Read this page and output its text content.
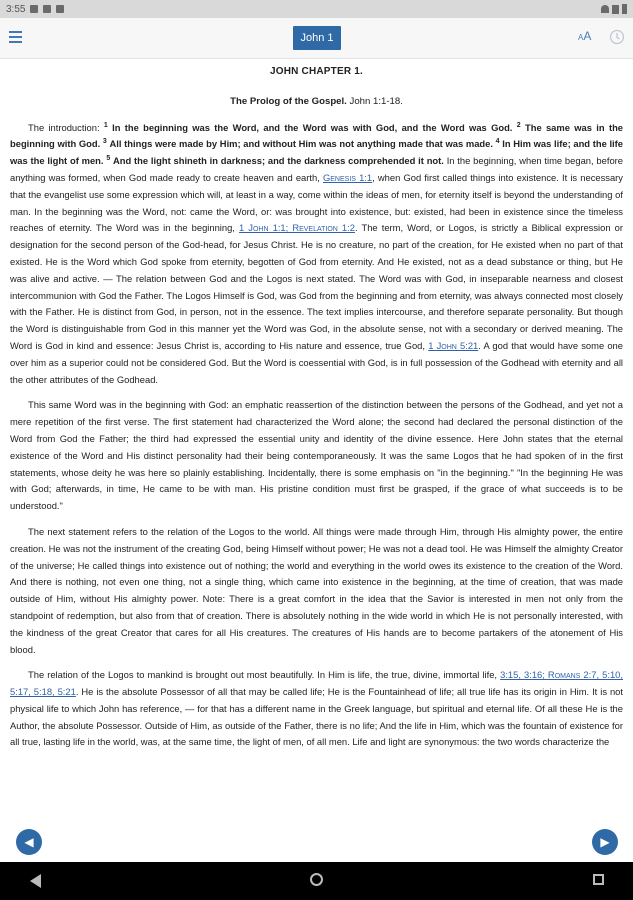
3:55
John 1	AA
JOHN CHAPTER 1.
The Prolog of the Gospel. John 1:1-18.

The introduction: $^1$ In the beginning was the Word, and the Word was with God, and the Word was God. $^2$ The same was in the beginning with God. $^3$ All things were made by Him; and without Him was not anything made that was made. $^4$ In Him was life; and the life was the light of men. $^5$ And the light shineth in darkness; and the darkness comprehended it not. In the beginning, when time began, before anything was formed, when God made ready to create heaven and earth, Genesis 1:1, when God first called things into existence. It is necessary that the evangelist use some expression which will, at least in a way, come within the ideas of men, for eternity itself is beyond the understanding of man. In the beginning was the Word, not: came the Word, or: was brought into existence, but: existed, had been in existence since the timeless reaches of eternity. The Word was in the beginning, 1 John 1:1; Revelation 1:2. The term, Word, or Logos, is strictly a Biblical expression or designation for the second person of the God-head, for Jesus Christ. He is no creature, no part of the creation, for He existed when no part of that existed. He is the Word which God spoke from eternity, begotten of God from eternity. And He existed, not as a dead substance or thing, but He was alive and active. — The relation between God and the Logos is next stated. The Word was with God, in inseparable nearness and closest intercommunion with God the Father. The Logos Himself is God, was God from the beginning and from eternity, was always connected most closely with the Father. He is distinct from God, in person, not in the essence. The text implies intercourse, and therefore separate personality. But though the Word is distinguishable from God in this manner yet the Word was God, in the absolute sense, not with a secondary or derived meaning. The Word is God in kind and essence: Jesus Christ is, according to His nature and essence, true God, 1 John 5:21. A god that would have some one over him as a superior could not be considered God. But the Word is coessential with God, is in full possession of the Godhead with eternity and all the other attributes of the Godhead.

This same Word was in the beginning with God: an emphatic reassertion of the distinction between the persons of the Godhead, and yet not a mere repetition of the first verse. The first statement had characterized the Word alone; the second had declared the personal distinction of the Word from God the Father; the third had expressed the essential unity and identity of the divine essence. Here John states that the eternal existence of the Word and His distinct personality had their being contemporaneously. It was the same Logos that he had spoken of in the first statements, whose deity he was here so plainly establishing. Incidentally, there is some emphasis on "in the beginning." "In the beginning He was with God; afterwards, in time, He came to be with man. His pristine condition must first be grasped, if the grace of what succeeds is to be understood."

The next statement refers to the relation of the Logos to the world. All things were made through Him, through His almighty power, the entire creation. He was not the instrument of the creating God, being Himself without power; He was not a dead tool. He was Himself the almighty Creator of the universe; He called things into existence out of nothing; the world and everything in the world owes its existence to the creation of the Word. And there is nothing, not even one thing, not a single thing, which came into existence in the beginning, at the time of creation, that was made outside of Him, without His almighty power. Note: There is a great comfort in the idea that the Savior is interested in men not only from the standpoint of redemption, but also from that of creation. There is absolutely nothing in the wide world in which He is not personally interested, with the kindness of the great Creator that cares for all His creatures. The creatures of His hands are to become partakers of the atonement of His blood.

The relation of the Logos to mankind is brought out most beautifully. In Him is life, the true, divine, immortal life, 3:15, 3:16; Romans 2:7, 5:10, 5:17, 5:18, 5:21. He is the absolute Possessor of all that may be called life; He is the Fountainhead of life; all true life has its origin in Him. It is not physical life to which John has reference, — for that has a different name in the Greek language, but spiritual and eternal life. Of all these He is the Author, the absolute Possessor. Outside of Him, as outside of the Father, there is no life; And the life in Him, which was the fountain of existence for all true, lasting life in the world, was, at the same time, the light of men, of all men. Life and light are synonymous: the two words characterize the

◀	▶
